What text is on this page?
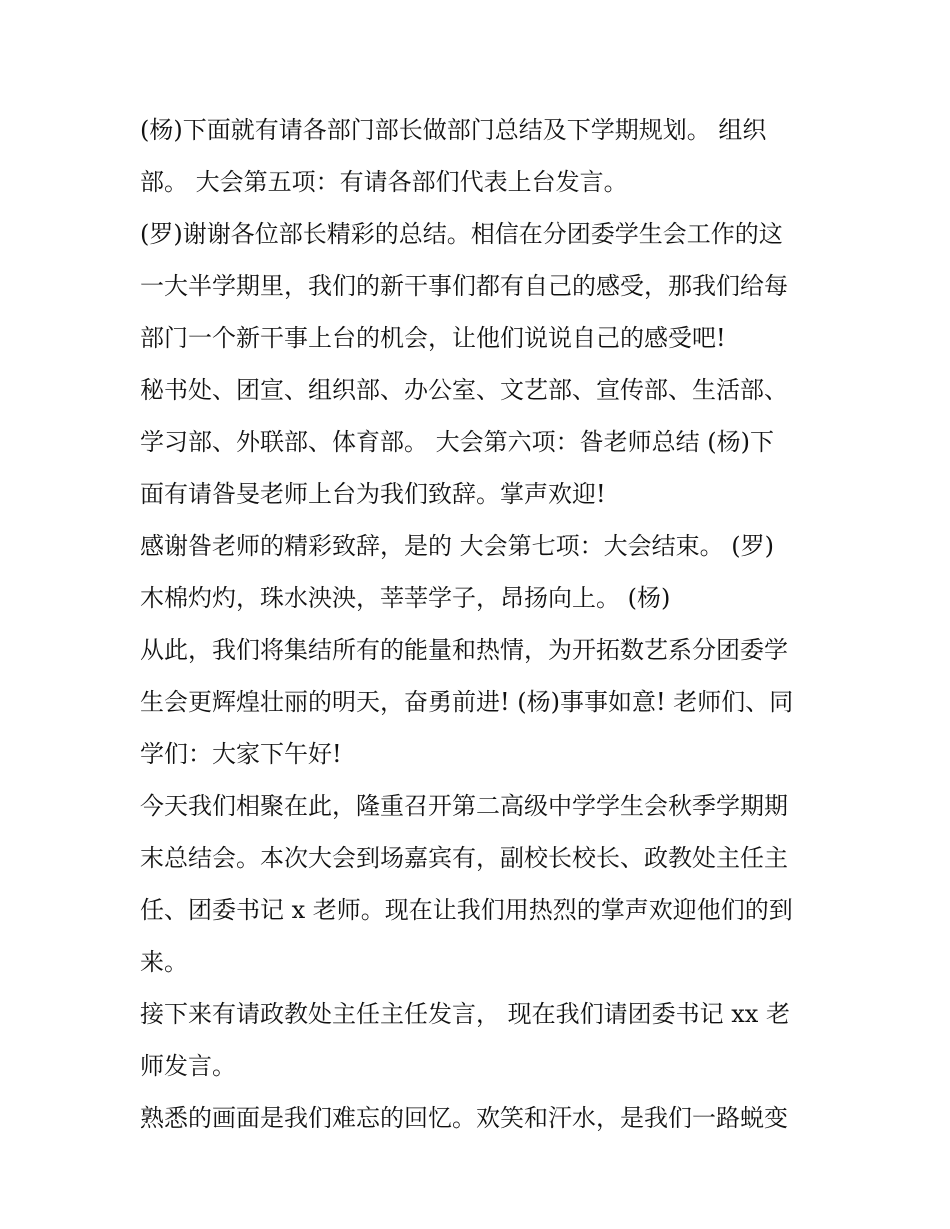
(杨)下面就有请各部门部长做部门总结及下学期规划。 组织
部。 大会第五项：有请各部们代表上台发言。
(罗)谢谢各位部长精彩的总结。相信在分团委学生会工作的这
一大半学期里，我们的新干事们都有自己的感受，那我们给每
部门一个新干事上台的机会，让他们说说自己的感受吧!
秘书处、团宣、组织部、办公室、文艺部、宣传部、生活部、
学习部、外联部、体育部。 大会第六项：昝老师总结 (杨)下
面有请昝旻老师上台为我们致辞。掌声欢迎!
感谢昝老师的精彩致辞，是的 大会第七项：大会结束。 (罗)
木棉灼灼，珠水泱泱，莘莘学子，昂扬向上。 (杨)
从此，我们将集结所有的能量和热情，为开拓数艺系分团委学
生会更辉煌壮丽的明天，奋勇前进! (杨)事事如意! 老师们、同
学们：大家下午好!
今天我们相聚在此，隆重召开第二高级中学学生会秋季学期期
末总结会。本次大会到场嘉宾有，副校长校长、政教处主任主
任、团委书记 x 老师。现在让我们用热烈的掌声欢迎他们的到
来。
接下来有请政教处主任主任发言， 现在我们请团委书记 xx 老
师发言。
熟悉的画面是我们难忘的回忆。欢笑和汗水，是我们一路蜕变
